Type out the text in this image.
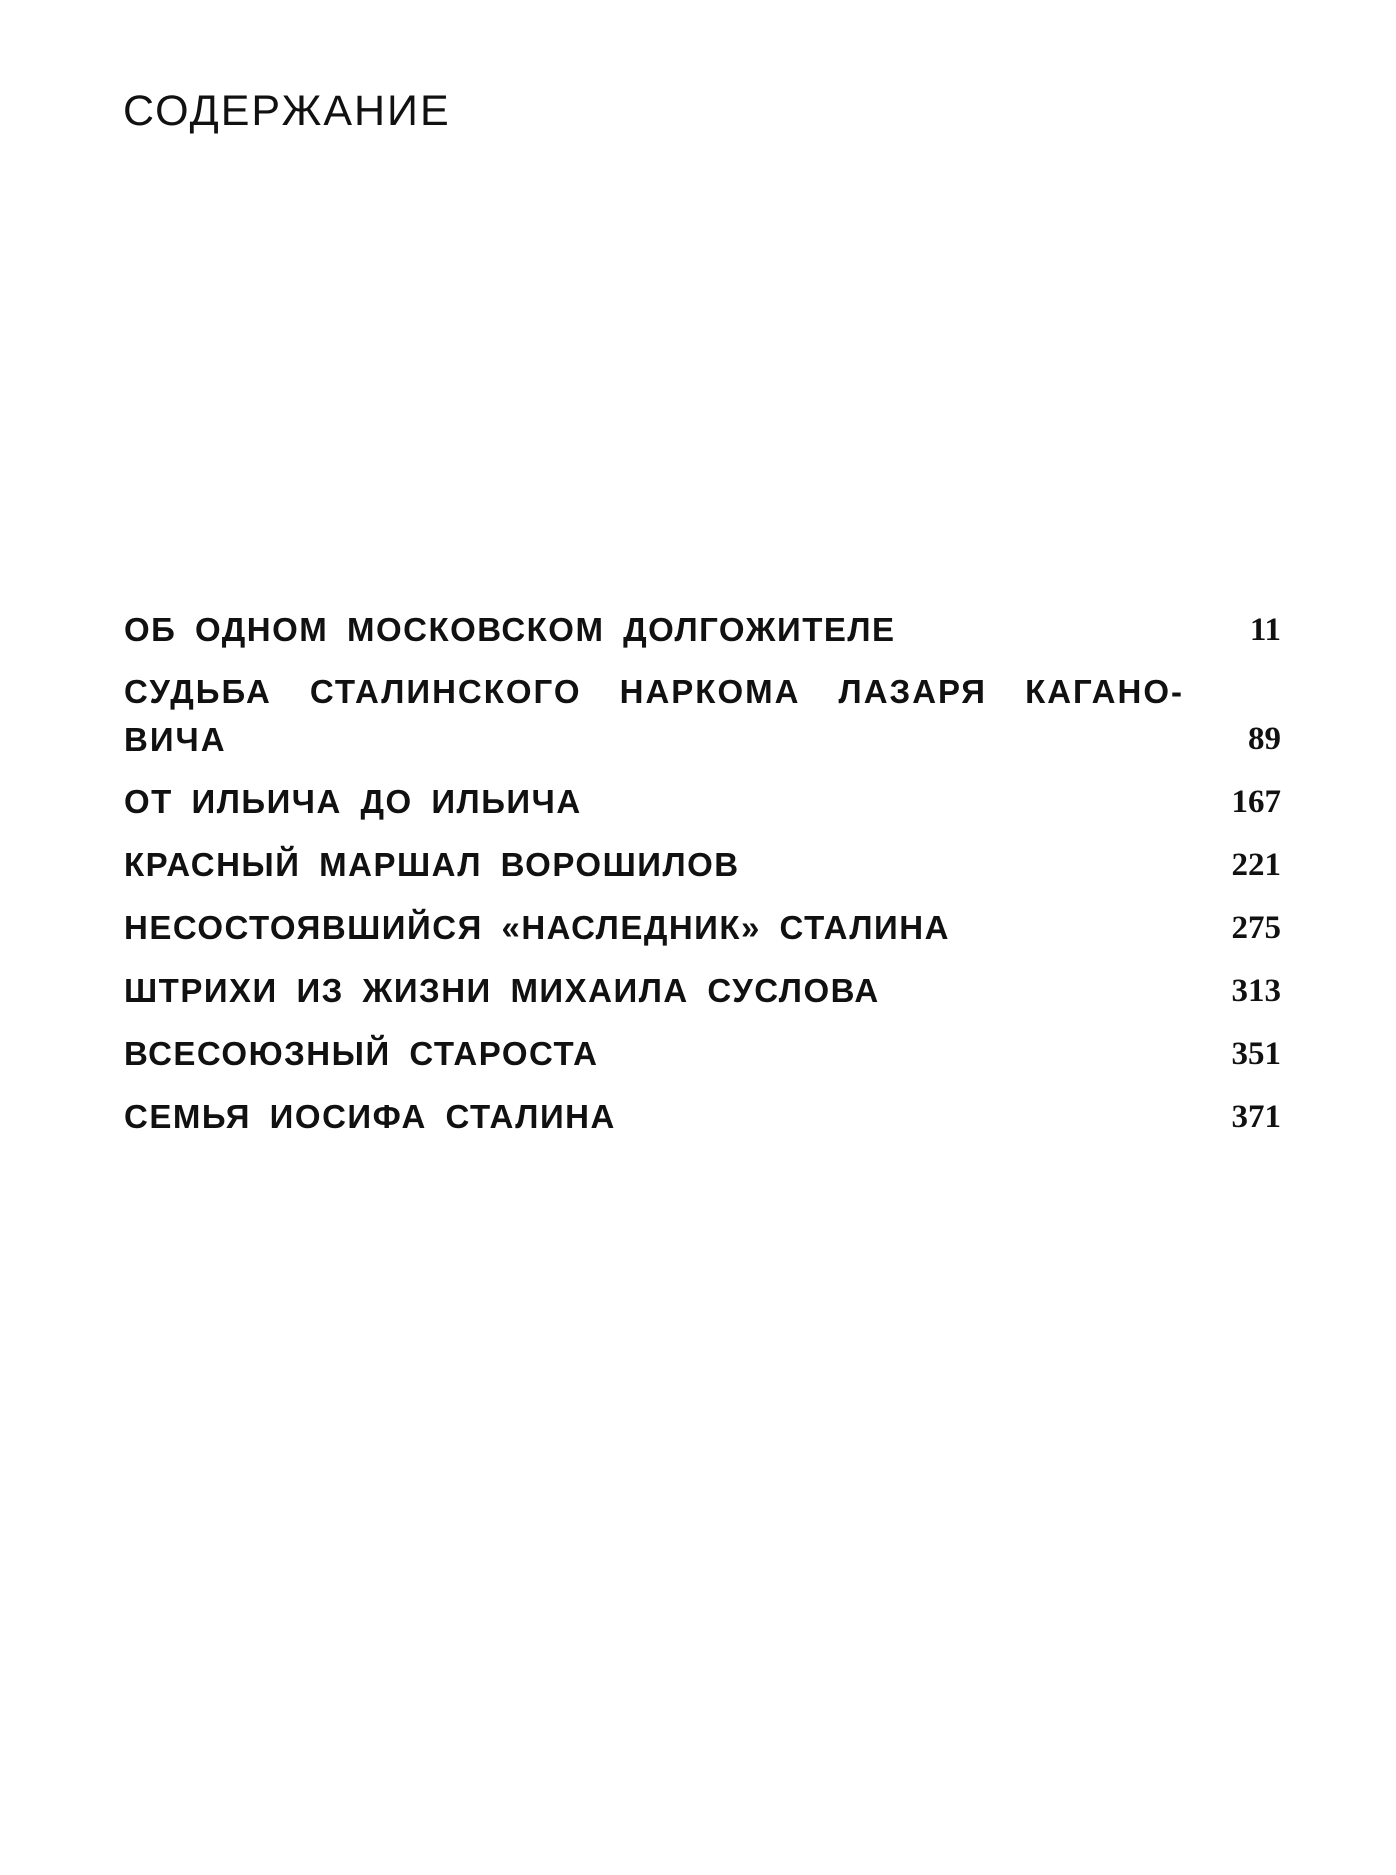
СОДЕРЖАНИЕ
ОБ ОДНОМ МОСКОВСКОМ ДОЛГОЖИТЕЛЕ	11
СУДЬБА СТАЛИНСКОГО НАРКОМА ЛАЗАРЯ КАГАНО-ВИЧА	89
ОТ ИЛЬИЧА ДО ИЛЬИЧА	167
КРАСНЫЙ МАРШАЛ ВОРОШИЛОВ	221
НЕСОСТОЯВШИЙСЯ «НАСЛЕДНИК» СТАЛИНА	275
ШТРИХИ ИЗ ЖИЗНИ МИХАИЛА СУСЛОВА	313
ВСЕСОЮЗНЫЙ СТАРОСТА	351
СЕМЬЯ ИОСИФА СТАЛИНА	371
